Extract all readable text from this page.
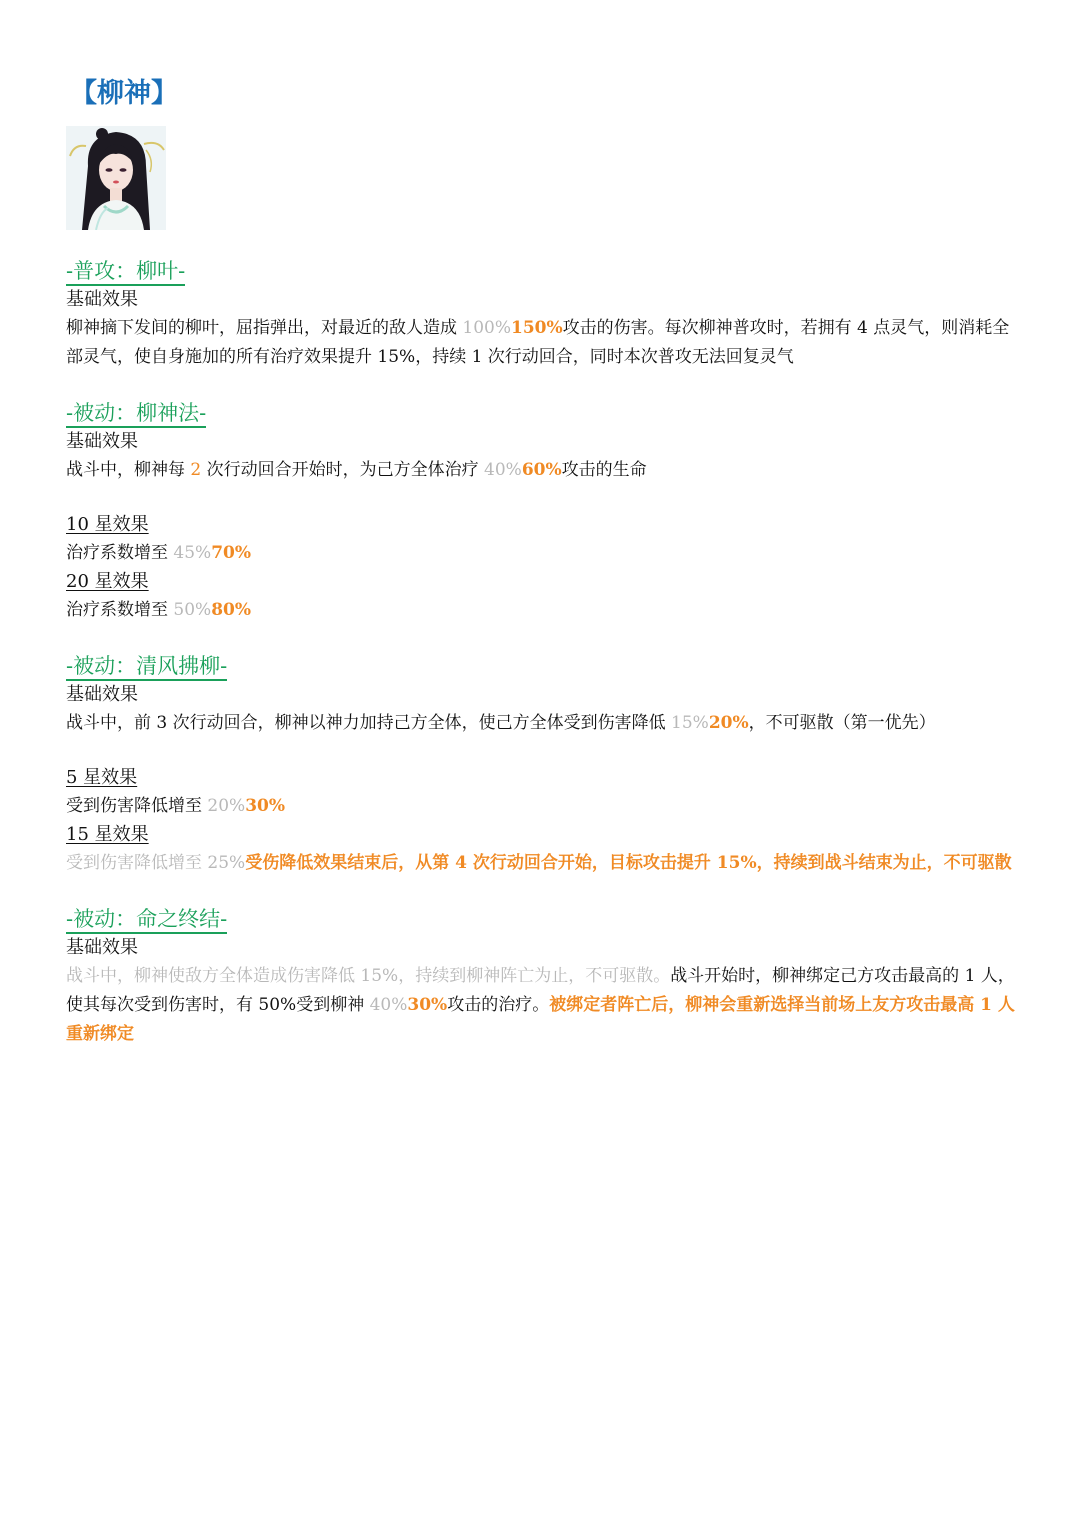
【柳神】
-普攻：柳叶-
基础效果
柳神摘下发间的柳叶，屈指弹出，对最近的敌人造成 100%150%攻击的伤害。每次柳神普攻时，若拥有 4 点灵气，则消耗全部灵气，使自身施加的所有治疗效果提升 15%，持续 1 次行动回合，同时本次普攻无法回复灵气
-被动：柳神法-
基础效果
战斗中，柳神每 2 次行动回合开始时，为己方全体治疗 40%60%攻击的生命
10 星效果
治疗系数增至 45%70%
20 星效果
治疗系数增至 50%80%
-被动：清风拂柳-
基础效果
战斗中，前 3 次行动回合，柳神以神力加持己方全体，使己方全体受到伤害降低 15%20%，不可驱散（第一优先）
5 星效果
受到伤害降低增至 20%30%
15 星效果
受到伤害降低增至 25%受伤降低效果结束后，从第 4 次行动回合开始，目标攻击提升 15%，持续到战斗结束为止，不可驱散
-被动：命之终结-
基础效果
战斗中，柳神使敌方全体造成伤害降低 15%，持续到柳神阵亡为止，不可驱散。战斗开始时，柳神绑定己方攻击最高的 1 人，使其每次受到伤害时，有 50%受到柳神 40%30%攻击的治疗。被绑定者阵亡后，柳神会重新选择当前场上友方攻击最高 1 人重新绑定
